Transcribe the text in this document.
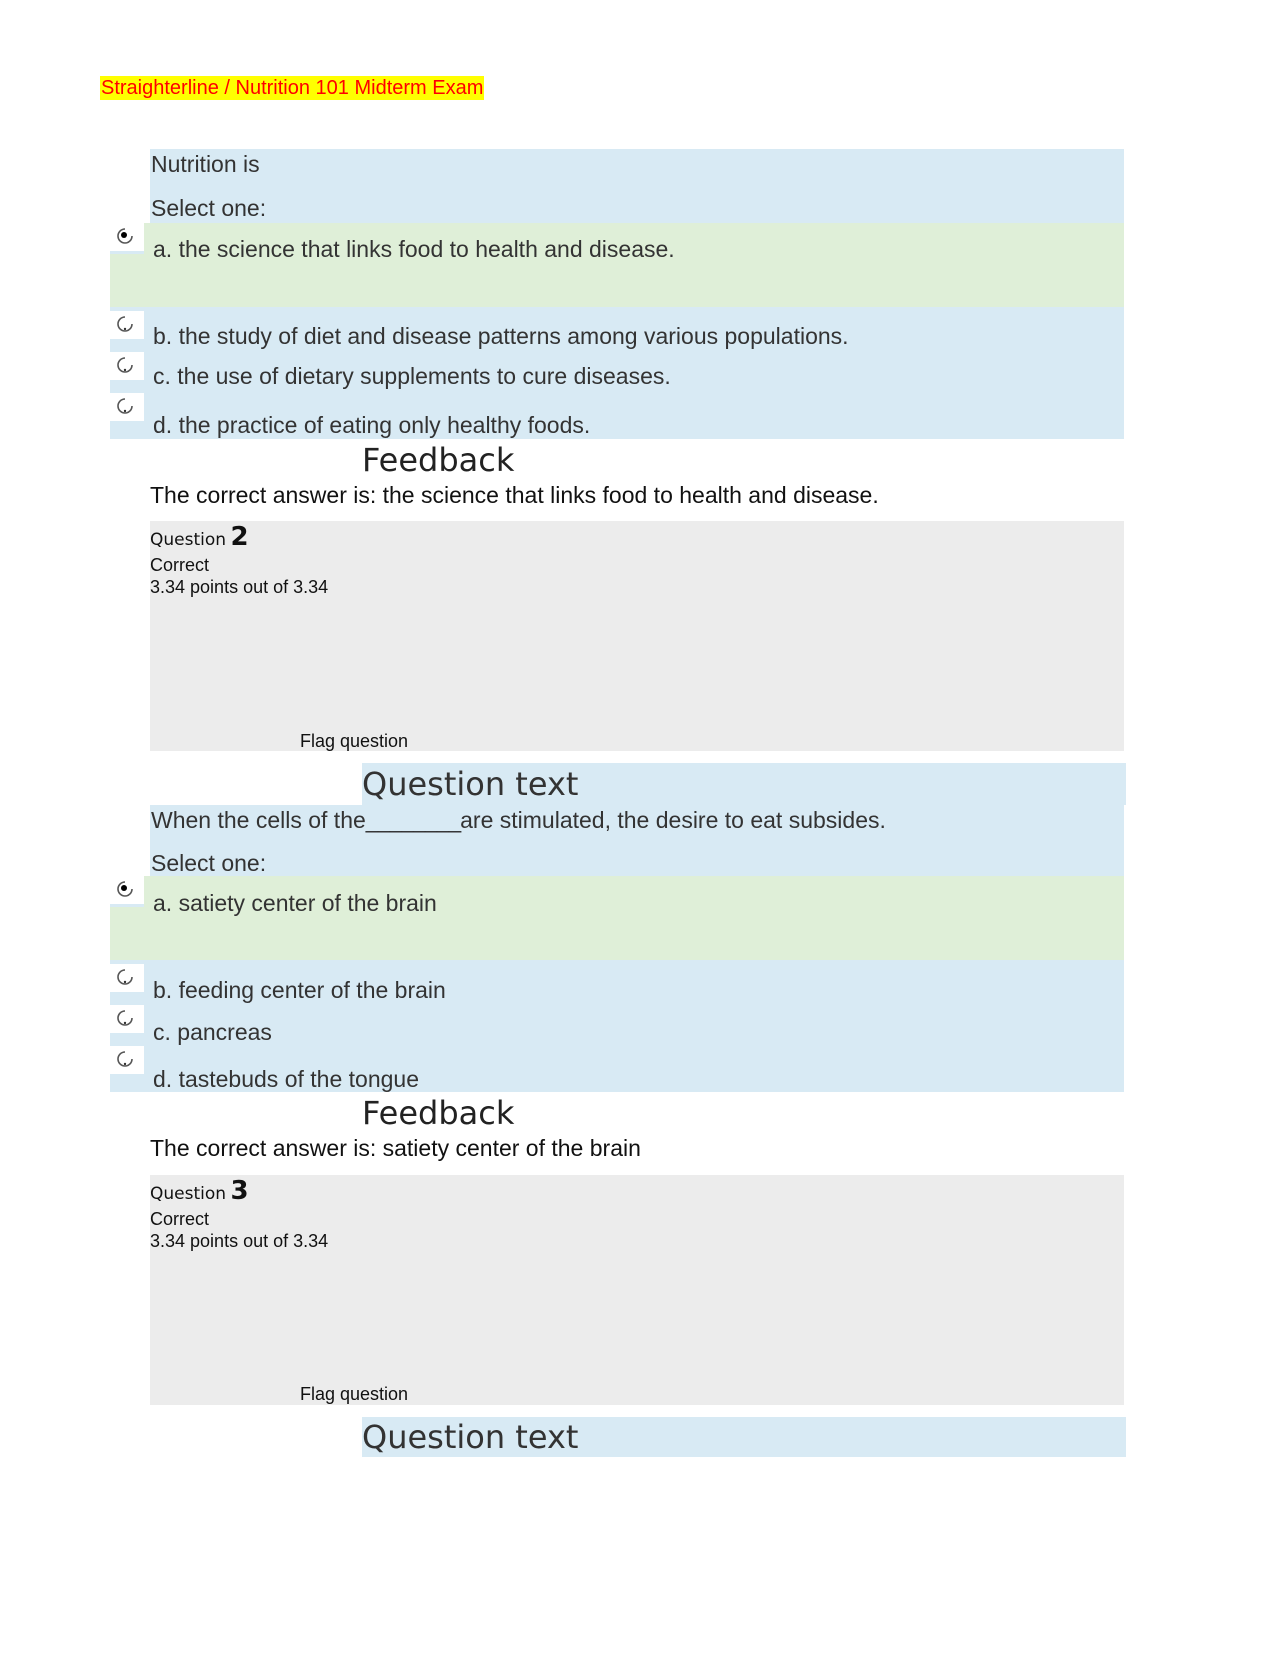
Straighterline / Nutrition 101 Midterm Exam
Nutrition is
Select one:
a. the science that links food to health and disease.
b. the study of diet and disease patterns among various populations.
c. the use of dietary supplements to cure diseases.
d. the practice of eating only healthy foods.
Feedback
The correct answer is: the science that links food to health and disease.
Question 2
Correct
3.34 points out of 3.34
Flag question
Question text
When the cells of the________are stimulated, the desire to eat subsides.
Select one:
a. satiety center of the brain
b. feeding center of the brain
c. pancreas
d. tastebuds of the tongue
Feedback
The correct answer is: satiety center of the brain
Question 3
Correct
3.34 points out of 3.34
Flag question
Question text
